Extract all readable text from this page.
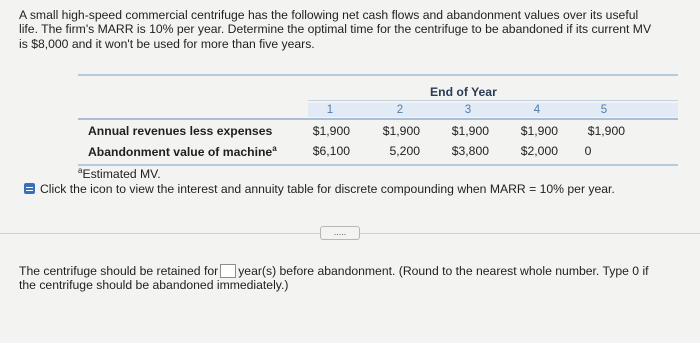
A small high-speed commercial centrifuge has the following net cash flows and abandonment values over its useful
life. The firm's MARR is 10% per year. Determine the optimal time for the centrifuge to be abandoned if its current MV
is $8,000 and it won't be used for more than five years.
End of Year
1	2	3	4	5
Annual revenues less expenses	$1,900	$1,900	$1,900	$1,900	$1,900
Abandonment value of machine$^a$	$6,100	5,200	$3,800	$2,000	0
$^a$Estimated MV.
Click the icon to view the interest and annuity table for discrete compounding when MARR = 10% per year.
.....
The centrifuge should be retained for year(s) before abandonment. (Round to the nearest whole number. Type 0 if
the centrifuge should be abandoned immediately.)
